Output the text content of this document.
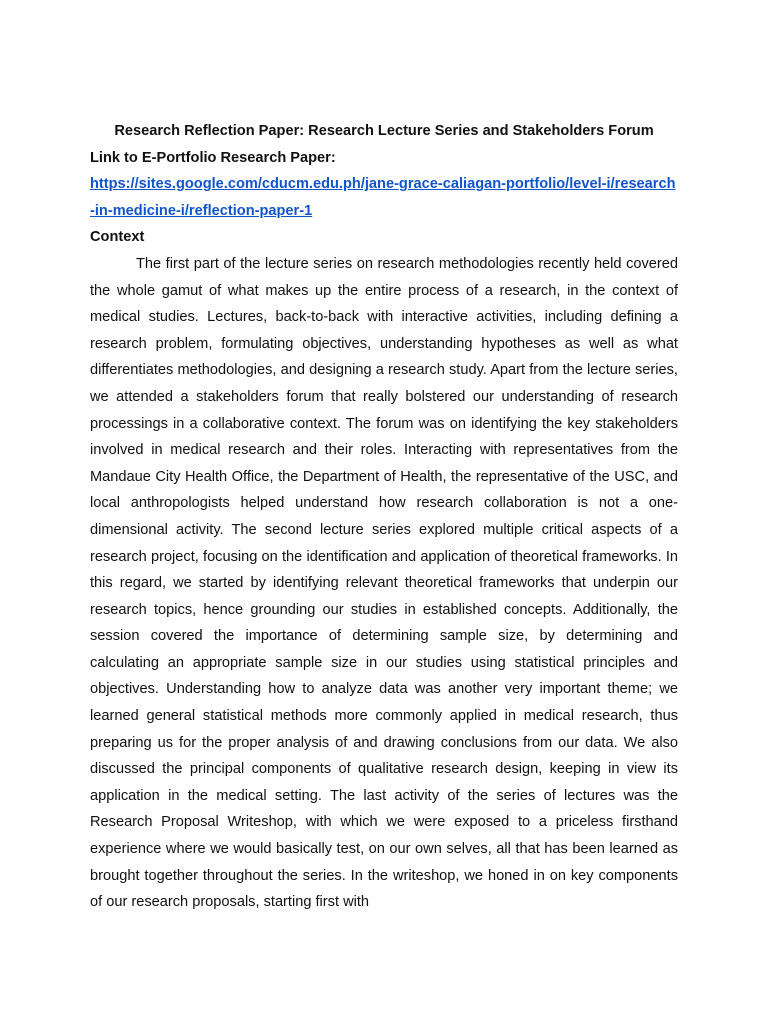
Research Reflection Paper: Research Lecture Series and Stakeholders Forum

Link to E-Portfolio Research Paper:

https://sites.google.com/cducm.edu.ph/jane-grace-caliagan-portfolio/level-i/research-in-medicine-i/reflection-paper-1

Context

The first part of the lecture series on research methodologies recently held covered the whole gamut of what makes up the entire process of a research, in the context of medical studies. Lectures, back-to-back with interactive activities, including defining a research problem, formulating objectives, understanding hypotheses as well as what differentiates methodologies, and designing a research study. Apart from the lecture series, we attended a stakeholders forum that really bolstered our understanding of research processings in a collaborative context. The forum was on identifying the key stakeholders involved in medical research and their roles. Interacting with representatives from the Mandaue City Health Office, the Department of Health, the representative of the USC, and local anthropologists helped understand how research collaboration is not a one-dimensional activity. The second lecture series explored multiple critical aspects of a research project, focusing on the identification and application of theoretical frameworks. In this regard, we started by identifying relevant theoretical frameworks that underpin our research topics, hence grounding our studies in established concepts. Additionally, the session covered the importance of determining sample size, by determining and calculating an appropriate sample size in our studies using statistical principles and objectives. Understanding how to analyze data was another very important theme; we learned general statistical methods more commonly applied in medical research, thus preparing us for the proper analysis of and drawing conclusions from our data. We also discussed the principal components of qualitative research design, keeping in view its application in the medical setting. The last activity of the series of lectures was the Research Proposal Writeshop, with which we were exposed to a priceless firsthand experience where we would basically test, on our own selves, all that has been learned as brought together throughout the series. In the writeshop, we honed in on key components of our research proposals, starting first with
